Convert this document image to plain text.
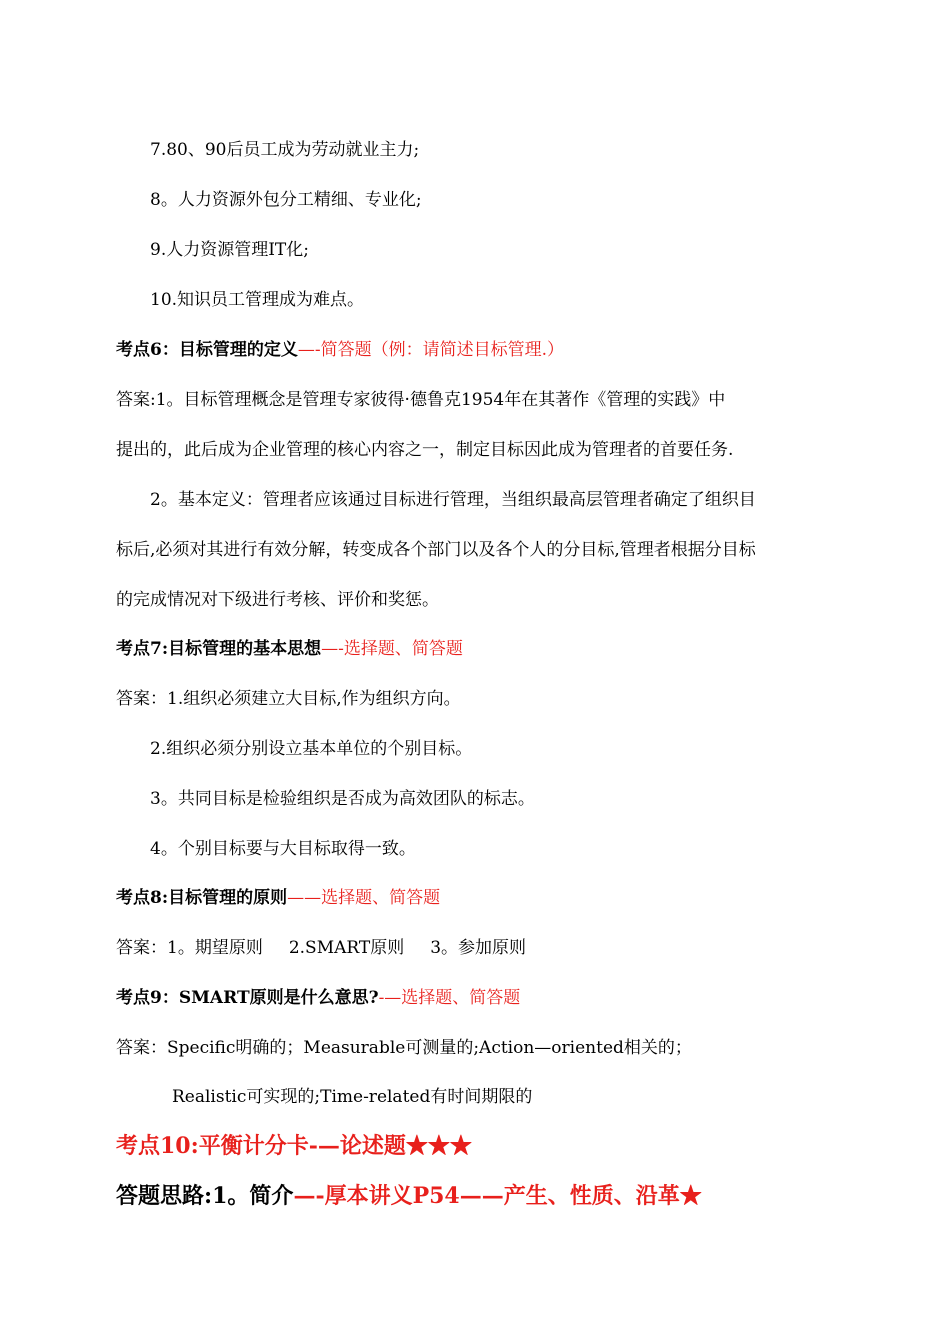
7.80、90后员工成为劳动就业主力;
8。人力资源外包分工精细、专业化;
9.人力资源管理IT化;
10.知识员工管理成为难点。
考点6：目标管理的定义—-简答题（例：请简述目标管理.）
答案:1。目标管理概念是管理专家彼得·德鲁克1954年在其著作《管理的实践》中
提出的，此后成为企业管理的核心内容之一，制定目标因此成为管理者的首要任务.
2。基本定义：管理者应该通过目标进行管理，当组织最高层管理者确定了组织目
标后,必须对其进行有效分解，转变成各个部门以及各个人的分目标,管理者根据分目标
的完成情况对下级进行考核、评价和奖惩。
考点7:目标管理的基本思想—-选择题、简答题
答案：1.组织必须建立大目标,作为组织方向。
2.组织必须分别设立基本单位的个别目标。
3。共同目标是检验组织是否成为高效团队的标志。
4。个别目标要与大目标取得一致。
考点8:目标管理的原则——选择题、简答题
答案：1。期望原则 2.SMART原则 3。参加原则
考点9：SMART原则是什么意思?-—选择题、简答题
答案：Specific明确的；Measurable可测量的;Action—oriented相关的；
Realistic可实现的;Time-related有时间期限的
考点10:平衡计分卡-—论述题★★★
答题思路:1。简介—-厚本讲义P54——产生、性质、沿革★
